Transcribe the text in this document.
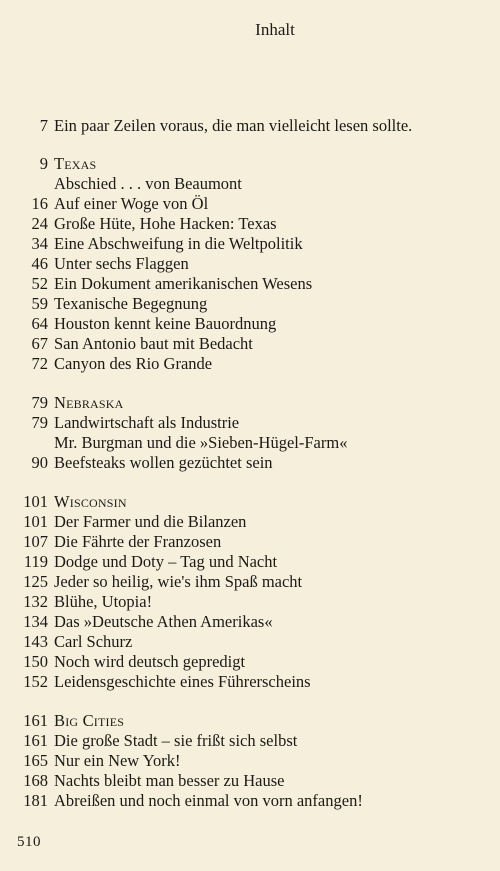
Inhalt
7 Ein paar Zeilen voraus, die man vielleicht lesen sollte.
9 Texas
Abschied . . . von Beaumont
16 Auf einer Woge von Öl
24 Große Hüte, Hohe Hacken: Texas
34 Eine Abschweifung in die Weltpolitik
46 Unter sechs Flaggen
52 Ein Dokument amerikanischen Wesens
59 Texanische Begegnung
64 Houston kennt keine Bauordnung
67 San Antonio baut mit Bedacht
72 Canyon des Rio Grande
79 Nebraska
79 Landwirtschaft als Industrie
Mr. Burgman und die »Sieben-Hügel-Farm«
90 Beefsteaks wollen gezüchtet sein
101 Wisconsin
101 Der Farmer und die Bilanzen
107 Die Fährte der Franzosen
119 Dodge und Doty – Tag und Nacht
125 Jeder so heilig, wie's ihm Spaß macht
132 Blühe, Utopia!
134 Das »Deutsche Athen Amerikas«
143 Carl Schurz
150 Noch wird deutsch gepredigt
152 Leidensgeschichte eines Führerscheins
161 Big Cities
161 Die große Stadt – sie frißt sich selbst
165 Nur ein New York!
168 Nachts bleibt man besser zu Hause
181 Abreißen und noch einmal von vorn anfangen!
510
